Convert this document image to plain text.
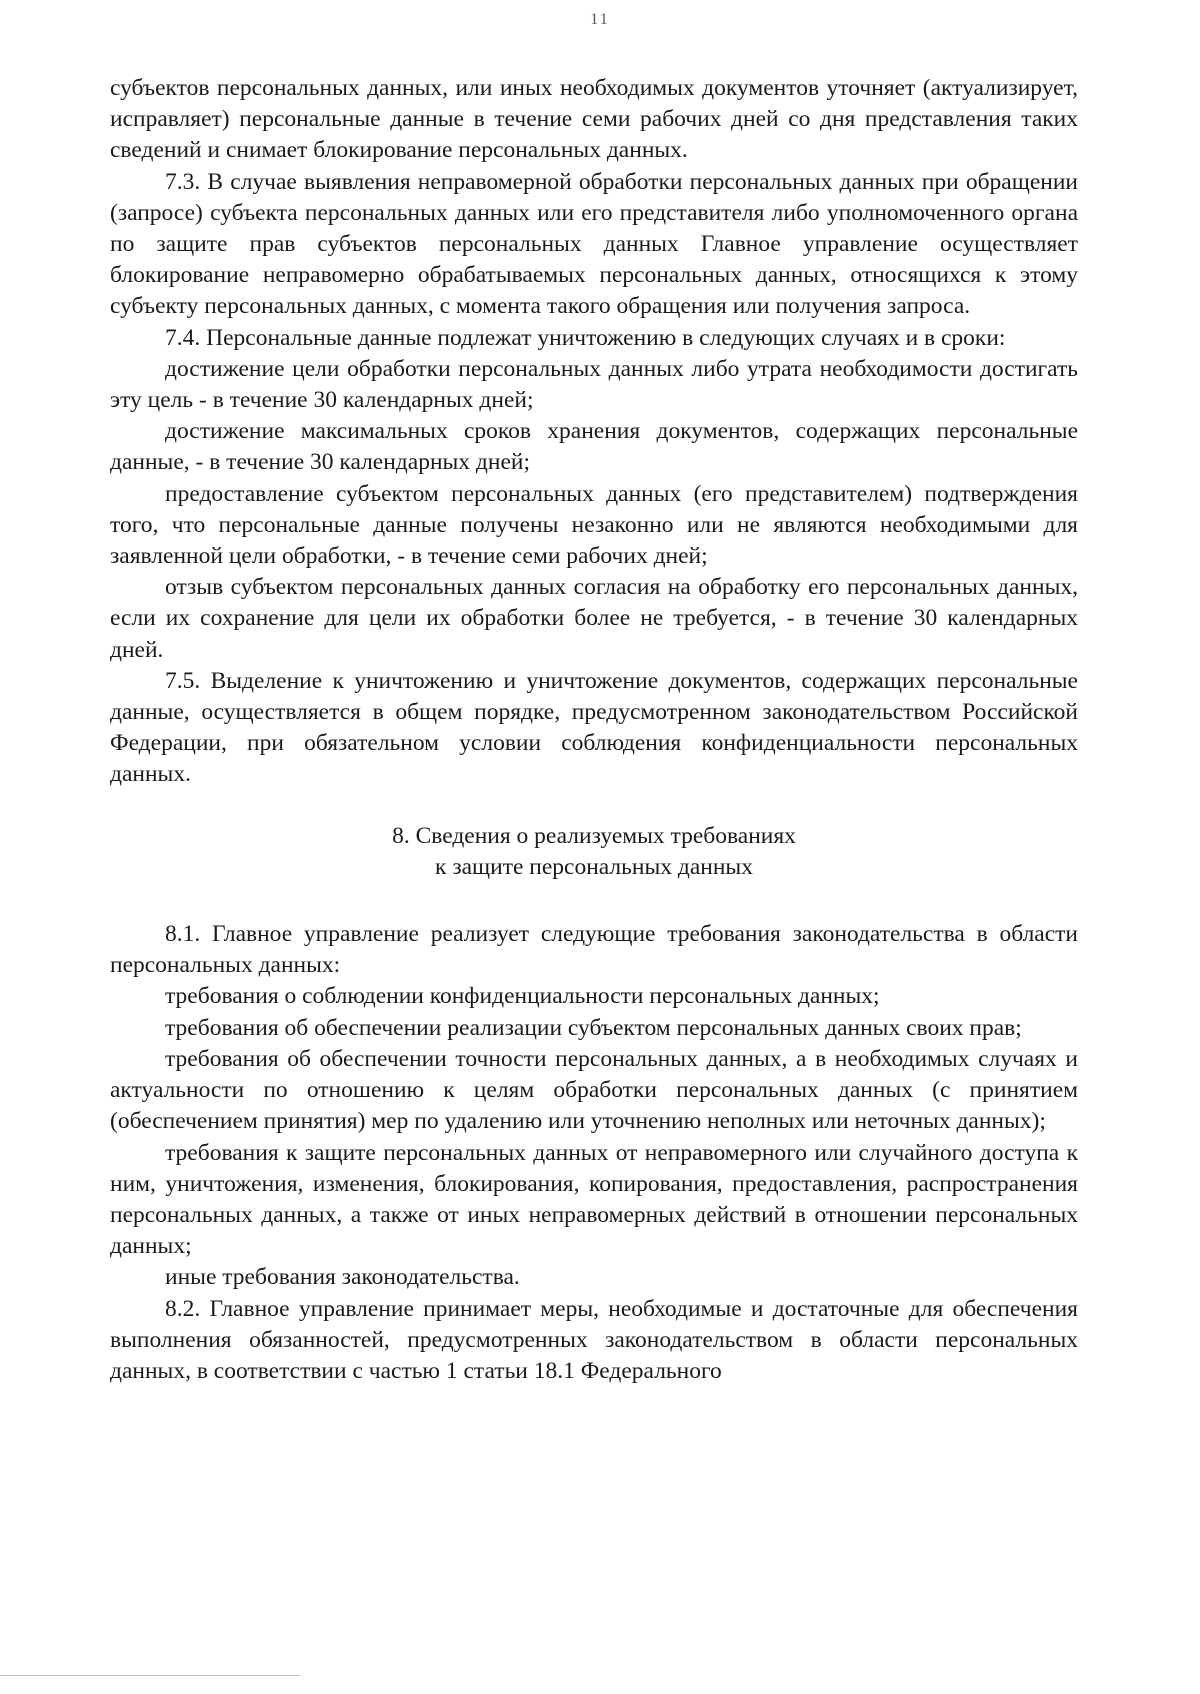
11

субъектов персональных данных, или иных необходимых документов уточняет (актуализирует, исправляет) персональные данные в течение семи рабочих дней со дня представления таких сведений и снимает блокирование персональных данных.

7.3. В случае выявления неправомерной обработки персональных данных при обращении (запросе) субъекта персональных данных или его представителя либо уполномоченного органа по защите прав субъектов персональных данных Главное управление осуществляет блокирование неправомерно обрабатываемых персональных данных, относящихся к этому субъекту персональных данных, с момента такого обращения или получения запроса.

7.4. Персональные данные подлежат уничтожению в следующих случаях и в сроки:

достижение цели обработки персональных данных либо утрата необходимости достигать эту цель - в течение 30 календарных дней;

достижение максимальных сроков хранения документов, содержащих персональные данные, - в течение 30 календарных дней;

предоставление субъектом персональных данных (его представителем) подтверждения того, что персональные данные получены незаконно или не являются необходимыми для заявленной цели обработки, - в течение семи рабочих дней;

отзыв субъектом персональных данных согласия на обработку его персональных данных, если их сохранение для цели их обработки более не требуется, - в течение 30 календарных дней.

7.5. Выделение к уничтожению и уничтожение документов, содержащих персональные данные, осуществляется в общем порядке, предусмотренном законодательством Российской Федерации, при обязательном условии соблюдения конфиденциальности персональных данных.

8. Сведения о реализуемых требованиях
к защите персональных данных

8.1. Главное управление реализует следующие требования законодательства в области персональных данных:

требования о соблюдении конфиденциальности персональных данных;

требования об обеспечении реализации субъектом персональных данных своих прав;

требования об обеспечении точности персональных данных, а в необходимых случаях и актуальности по отношению к целям обработки персональных данных (с принятием (обеспечением принятия) мер по удалению или уточнению неполных или неточных данных);

требования к защите персональных данных от неправомерного или случайного доступа к ним, уничтожения, изменения, блокирования, копирования, предоставления, распространения персональных данных, а также от иных неправомерных действий в отношении персональных данных;

иные требования законодательства.

8.2. Главное управление принимает меры, необходимые и достаточные для обеспечения выполнения обязанностей, предусмотренных законодательством в области персональных данных, в соответствии с частью 1 статьи 18.1 Федерального
